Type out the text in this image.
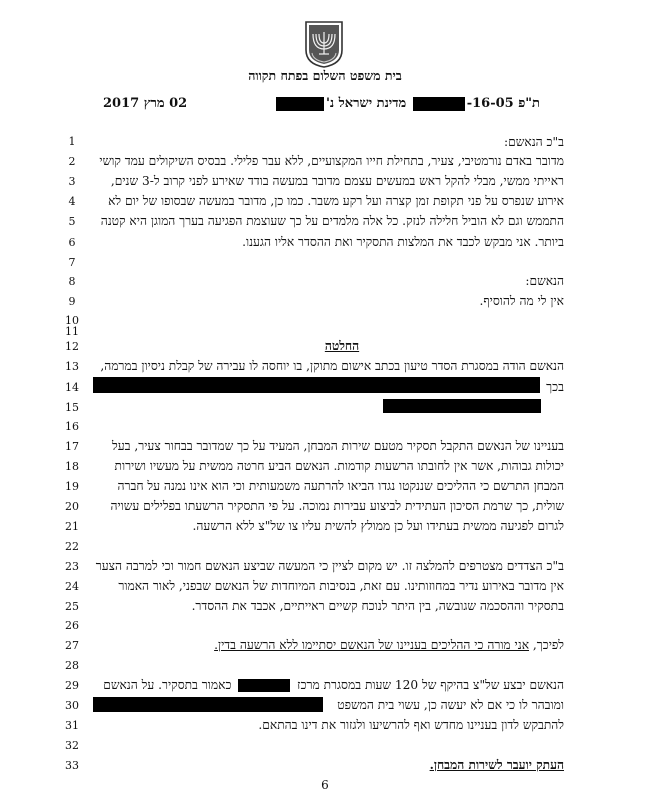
בית משפט השלום בפתח תקווה
02 מרץ 2017	ת"פ 16-05- מדינת ישראל נ'
1
2
3
4
5
6
7
8
9
10
11
12
13
14
15
16
17
18
19
20
21
22
23
24
25
26
27
28
29
30
31
32
33
ב"כ הנאשם:
מדובר באדם נורמטיבי, צעיר, בתחילת חייו המקצועיים, ללא עבר פלילי. בבסיס השיקולים עמד קושי
ראייתי ממשי, מבלי להקל ראש במעשים עצמם מדובר במעשה בודד שאירע לפני קרוב ל-3 שנים,
אירוע שנפרס על פני תקופת זמן קצרה ועל רקע משבר. כמו כן, מדובר במעשה שבסופו של יום לא
התממש וגם לא הוביל חלילה לנזק. כל אלה מלמדים על כך שעוצמת הפגיעה בערך המוגן היא קטנה
ביותר. אני מבקש לכבד את המלצות התסקיר ואת ההסדר אליו הגענו.
הנאשם:
אין לי מה להוסיף.
החלטה
הנאשם הודה במסגרת הסדר טיעון בכתב אישום מתוקן, בו יוחסה לו עבירה של קבלת ניסיון במרמה,
בכך
בעניינו של הנאשם התקבל תסקיר מטעם שירות המבחן, המעיד על כך שמדובר בבחור צעיר, בעל
יכולות גבוהות, אשר אין לחובתו הרשעות קודמות. הנאשם הביע חרטה ממשית על מעשיו ושירות
המבחן התרשם כי ההליכים שננקטו נגדו הביאו להרתעה משמעותית וכי הוא אינו נמנה על חברה
שולית, כך שרמת הסיכון העתידית לביצוע עבירות נמוכה. על פי התסקיר הרשעתו בפלילים עשויה
לגרום לפגיעה ממשית בעתידו ועל כן ממולץ להשית עליו צו של"צ ללא הרשעה.
ב"כ הצדדים מצטרפים להמלצה זו. יש מקום לציין כי המעשה שביצע הנאשם חמור וכי למרבה הצער
אין מדובר באירוע נדיר במחוזותינו. עם זאת, בנסיבות המיוחדות של הנאשם שבפני, לאור האמור
בתסקיר וההסכמה שגובשה, בין היתר לנוכח קשיים ראייתיים, אכבד את ההסדר.
לפיכך, אני מורה כי ההליכים בעניינו של הנאשם יסתיימו ללא הרשעה בדין.
הנאשם יבצע של"צ בהיקף של 120 שעות במסגרת מרכז  כאמור בתסקיר. על הנאשם
ומובהר לו כי אם לא יעשה כן, עשוי בית המשפט
להתבקש לדון בעניינו מחדש ואף להרשיעו ולגזור את דינו בהתאם.
העתק יועבר לשירות המבחן.
6
